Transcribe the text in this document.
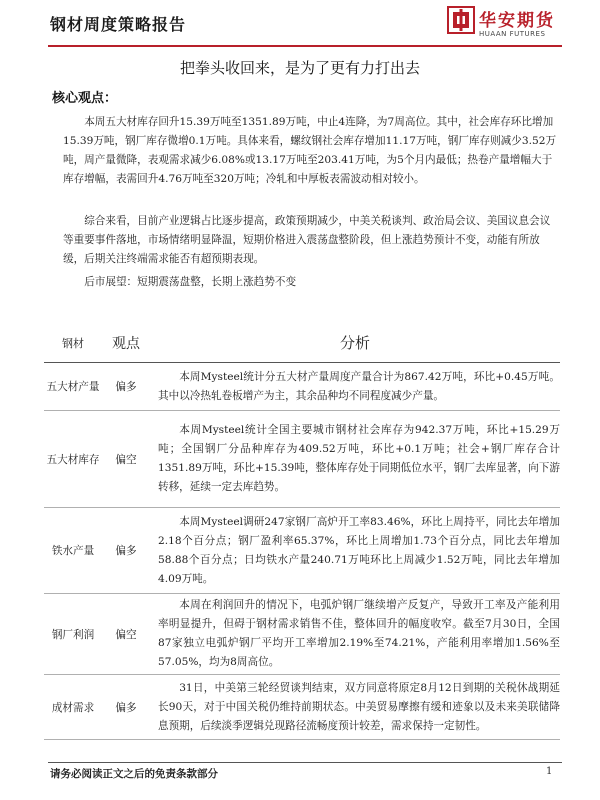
钢材周度策略报告	华安期货
HUAAN FUTURES
把拳头收回来，是为了更有力打出去
核心观点：

本周五大材库存回升15.39万吨至1351.89万吨，中止4连降，为7周高位。其中，社会库存环比增加15.39万吨，钢厂库存微增0.1万吨。具体来看，螺纹钢社会库存增加11.17万吨，钢厂库存则减少3.52万吨，周产量微降，表观需求减少6.08%或13.17万吨至203.41万吨，为5个月内最低；热卷产量增幅大于库存增幅，表需回升4.76万吨至320万吨；冷轧和中厚板表需波动相对较小。

综合来看，目前产业逻辑占比逐步提高，政策预期减少，中美关税谈判、政治局会议、美国议息会议等重要事件落地，市场情绪明显降温，短期价格进入震荡盘整阶段，但上涨趋势预计不变，动能有所放缓，后期关注终端需求能否有超预期表现。

后市展望：短期震荡盘整，长期上涨趋势不变

钢材	观点	分析
五大材产量	偏多	本周Mysteel统计分五大材产量周度产量合计为867.42万吨，环比+0.45万吨。其中以冷热轧卷板增产为主，其余品种均不同程度减少产量。
五大材库存	偏空	本周Mysteel统计全国主要城市钢材社会库存为942.37万吨，环比+15.29万吨；全国钢厂分品种库存为409.52万吨，环比+0.1万吨；社会+钢厂库存合计1351.89万吨，环比+15.39吨，整体库存处于同期低位水平，钢厂去库显著，向下游转移，延续一定去库趋势。
铁水产量	偏多	本周Mysteel调研247家钢厂高炉开工率83.46%，环比上周持平，同比去年增加2.18个百分点；钢厂盈利率65.37%，环比上周增加1.73个百分点，同比去年增加58.88个百分点；日均铁水产量240.71万吨环比上周减少1.52万吨，同比去年增加4.09万吨。
钢厂利润	偏空	本周在利润回升的情况下，电弧炉钢厂继续增产反复产，导致开工率及产能利用率明显提升，但碍于钢材需求销售不佳，整体回升的幅度收窄。截至7月30日，全国87家独立电弧炉钢厂平均开工率增加2.19%至74.21%，产能利用率增加1.56%至57.05%，均为8周高位。
成材需求	偏多	31日，中美第三轮经贸谈判结束，双方同意将原定8月12日到期的关税休战期延长90天，对于中国关税仍维持前期状态。中美贸易摩擦有缓和迹象以及未来美联储降息预期，后续淡季逻辑兑现路径流畅度预计较差，需求保持一定韧性。
请务必阅读正文之后的免责条款部分	1
